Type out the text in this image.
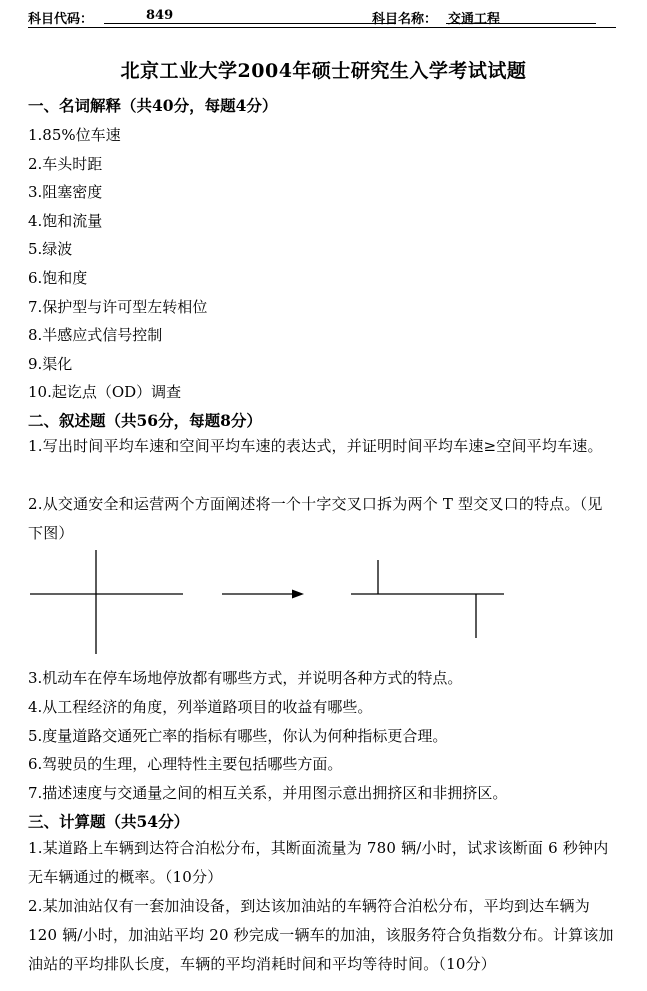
科目代码：	849	科目名称： 交通工程
北京工业大学2004年硕士研究生入学考试试题
一、名词解释（共40分，每题4分）
1.85%位车速
2.车头时距
3.阻塞密度
4.饱和流量
5.绿波
6.饱和度
7.保护型与许可型左转相位
8.半感应式信号控制
9.渠化
10.起讫点（OD）调查
二、叙述题（共56分，每题8分）
1.写出时间平均车速和空间平均车速的表达式，并证明时间平均车速≥空间平均车速。
2.从交通安全和运营两个方面阐述将一个十字交叉口拆为两个 T 型交叉口的特点。（见下图）
3.机动车在停车场地停放都有哪些方式，并说明各种方式的特点。
4.从工程经济的角度，列举道路项目的收益有哪些。
5.度量道路交通死亡率的指标有哪些，你认为何种指标更合理。
6.驾驶员的生理，心理特性主要包括哪些方面。
7.描述速度与交通量之间的相互关系，并用图示意出拥挤区和非拥挤区。
三、计算题（共54分）
1.某道路上车辆到达符合泊松分布，其断面流量为 780 辆/小时，试求该断面 6 秒钟内无车辆通过的概率。（10分）
2.某加油站仅有一套加油设备，到达该加油站的车辆符合泊松分布，平均到达车辆为 120 辆/小时，加油站平均 20 秒完成一辆车的加油，该服务符合负指数分布。计算该加油站的平均排队长度，车辆的平均消耗时间和平均等待时间。（10分）
